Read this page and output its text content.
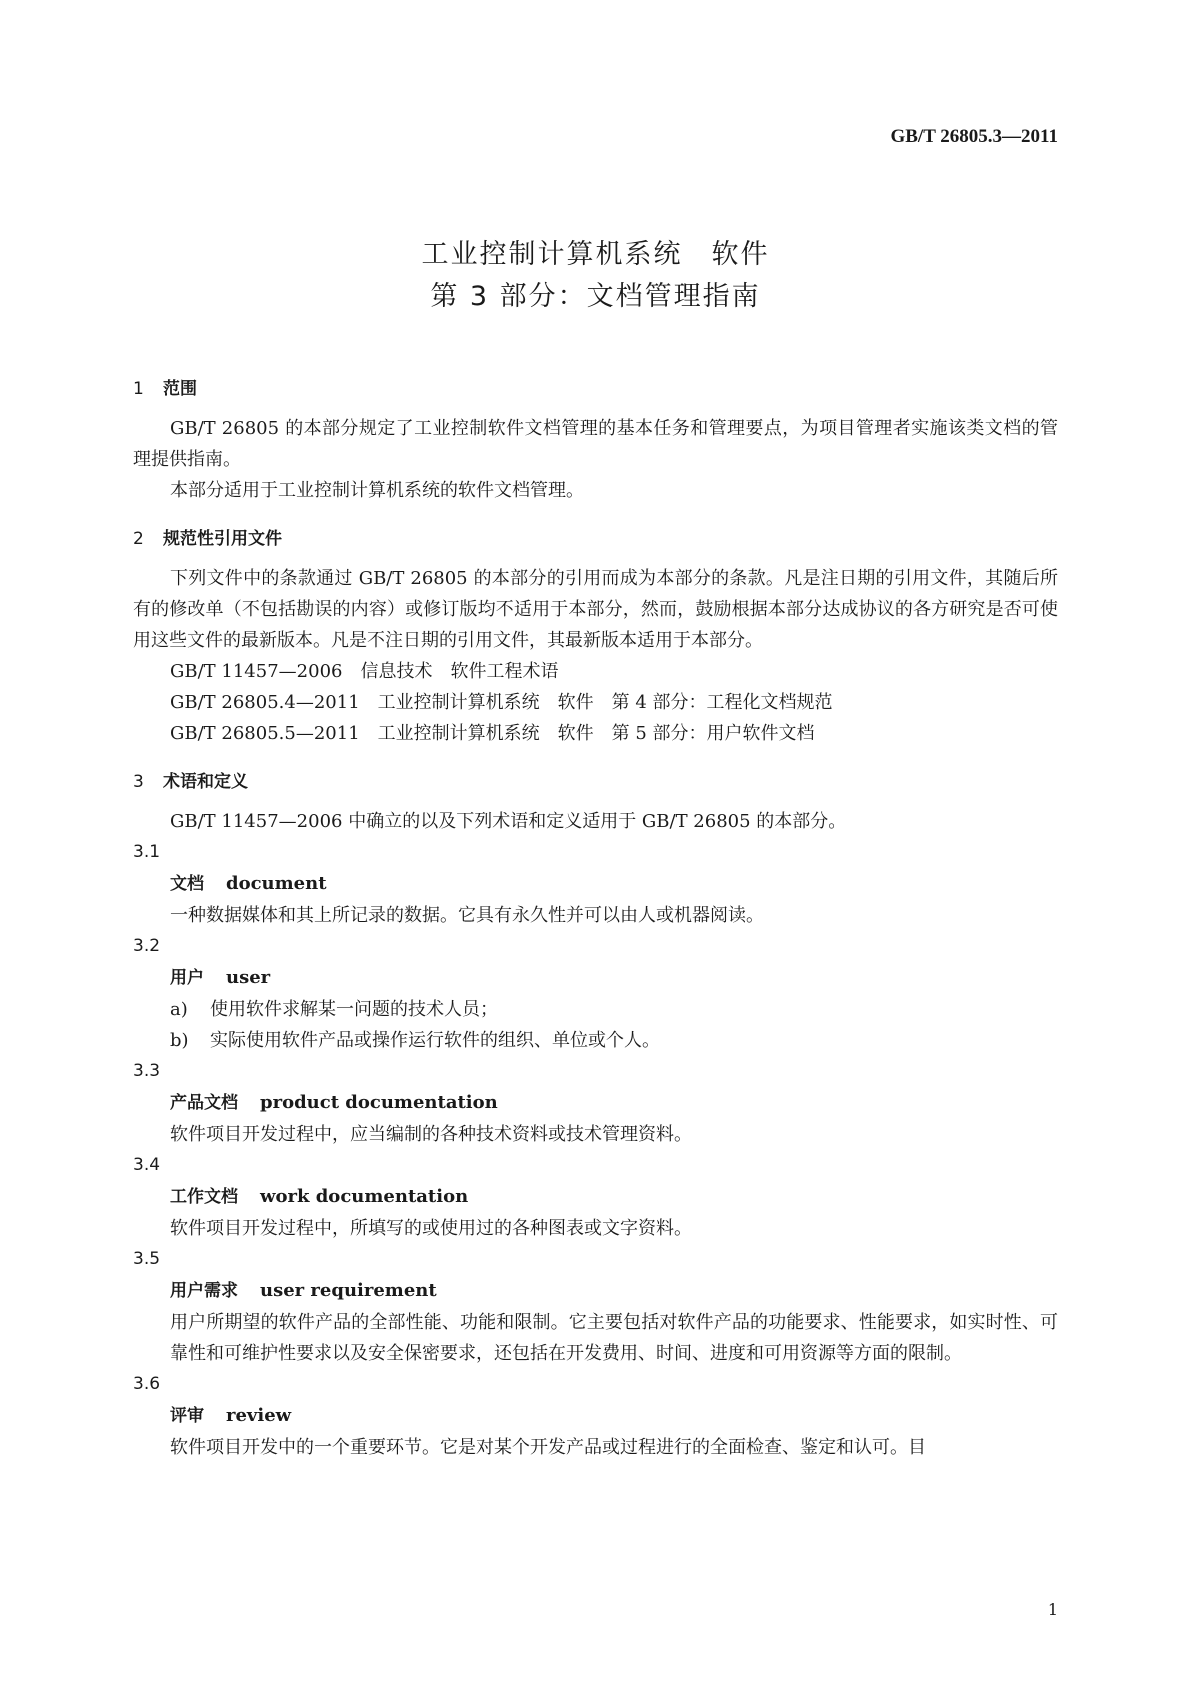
GB/T 26805.3—2011
工业控制计算机系统　软件
第 3 部分：文档管理指南
1 范围
GB/T 26805 的本部分规定了工业控制软件文档管理的基本任务和管理要点，为项目管理者实施该类文档的管理提供指南。
本部分适用于工业控制计算机系统的软件文档管理。
2 规范性引用文件
下列文件中的条款通过 GB/T 26805 的本部分的引用而成为本部分的条款。凡是注日期的引用文件，其随后所有的修改单（不包括勘误的内容）或修订版均不适用于本部分，然而，鼓励根据本部分达成协议的各方研究是否可使用这些文件的最新版本。凡是不注日期的引用文件，其最新版本适用于本部分。
GB/T 11457—2006　信息技术　软件工程术语
GB/T 26805.4—2011　工业控制计算机系统　软件　第 4 部分：工程化文档规范
GB/T 26805.5—2011　工业控制计算机系统　软件　第 5 部分：用户软件文档
3 术语和定义
GB/T 11457—2006 中确立的以及下列术语和定义适用于 GB/T 26805 的本部分。
3.1
文档 document
一种数据媒体和其上所记录的数据。它具有永久性并可以由人或机器阅读。
3.2
用户 user
a) 使用软件求解某一问题的技术人员；
b) 实际使用软件产品或操作运行软件的组织、单位或个人。
3.3
产品文档 product documentation
软件项目开发过程中，应当编制的各种技术资料或技术管理资料。
3.4
工作文档 work documentation
软件项目开发过程中，所填写的或使用过的各种图表或文字资料。
3.5
用户需求 user requirement
用户所期望的软件产品的全部性能、功能和限制。它主要包括对软件产品的功能要求、性能要求，如实时性、可靠性和可维护性要求以及安全保密要求，还包括在开发费用、时间、进度和可用资源等方面的限制。
3.6
评审 review
软件项目开发中的一个重要环节。它是对某个开发产品或过程进行的全面检查、鉴定和认可。目
1
